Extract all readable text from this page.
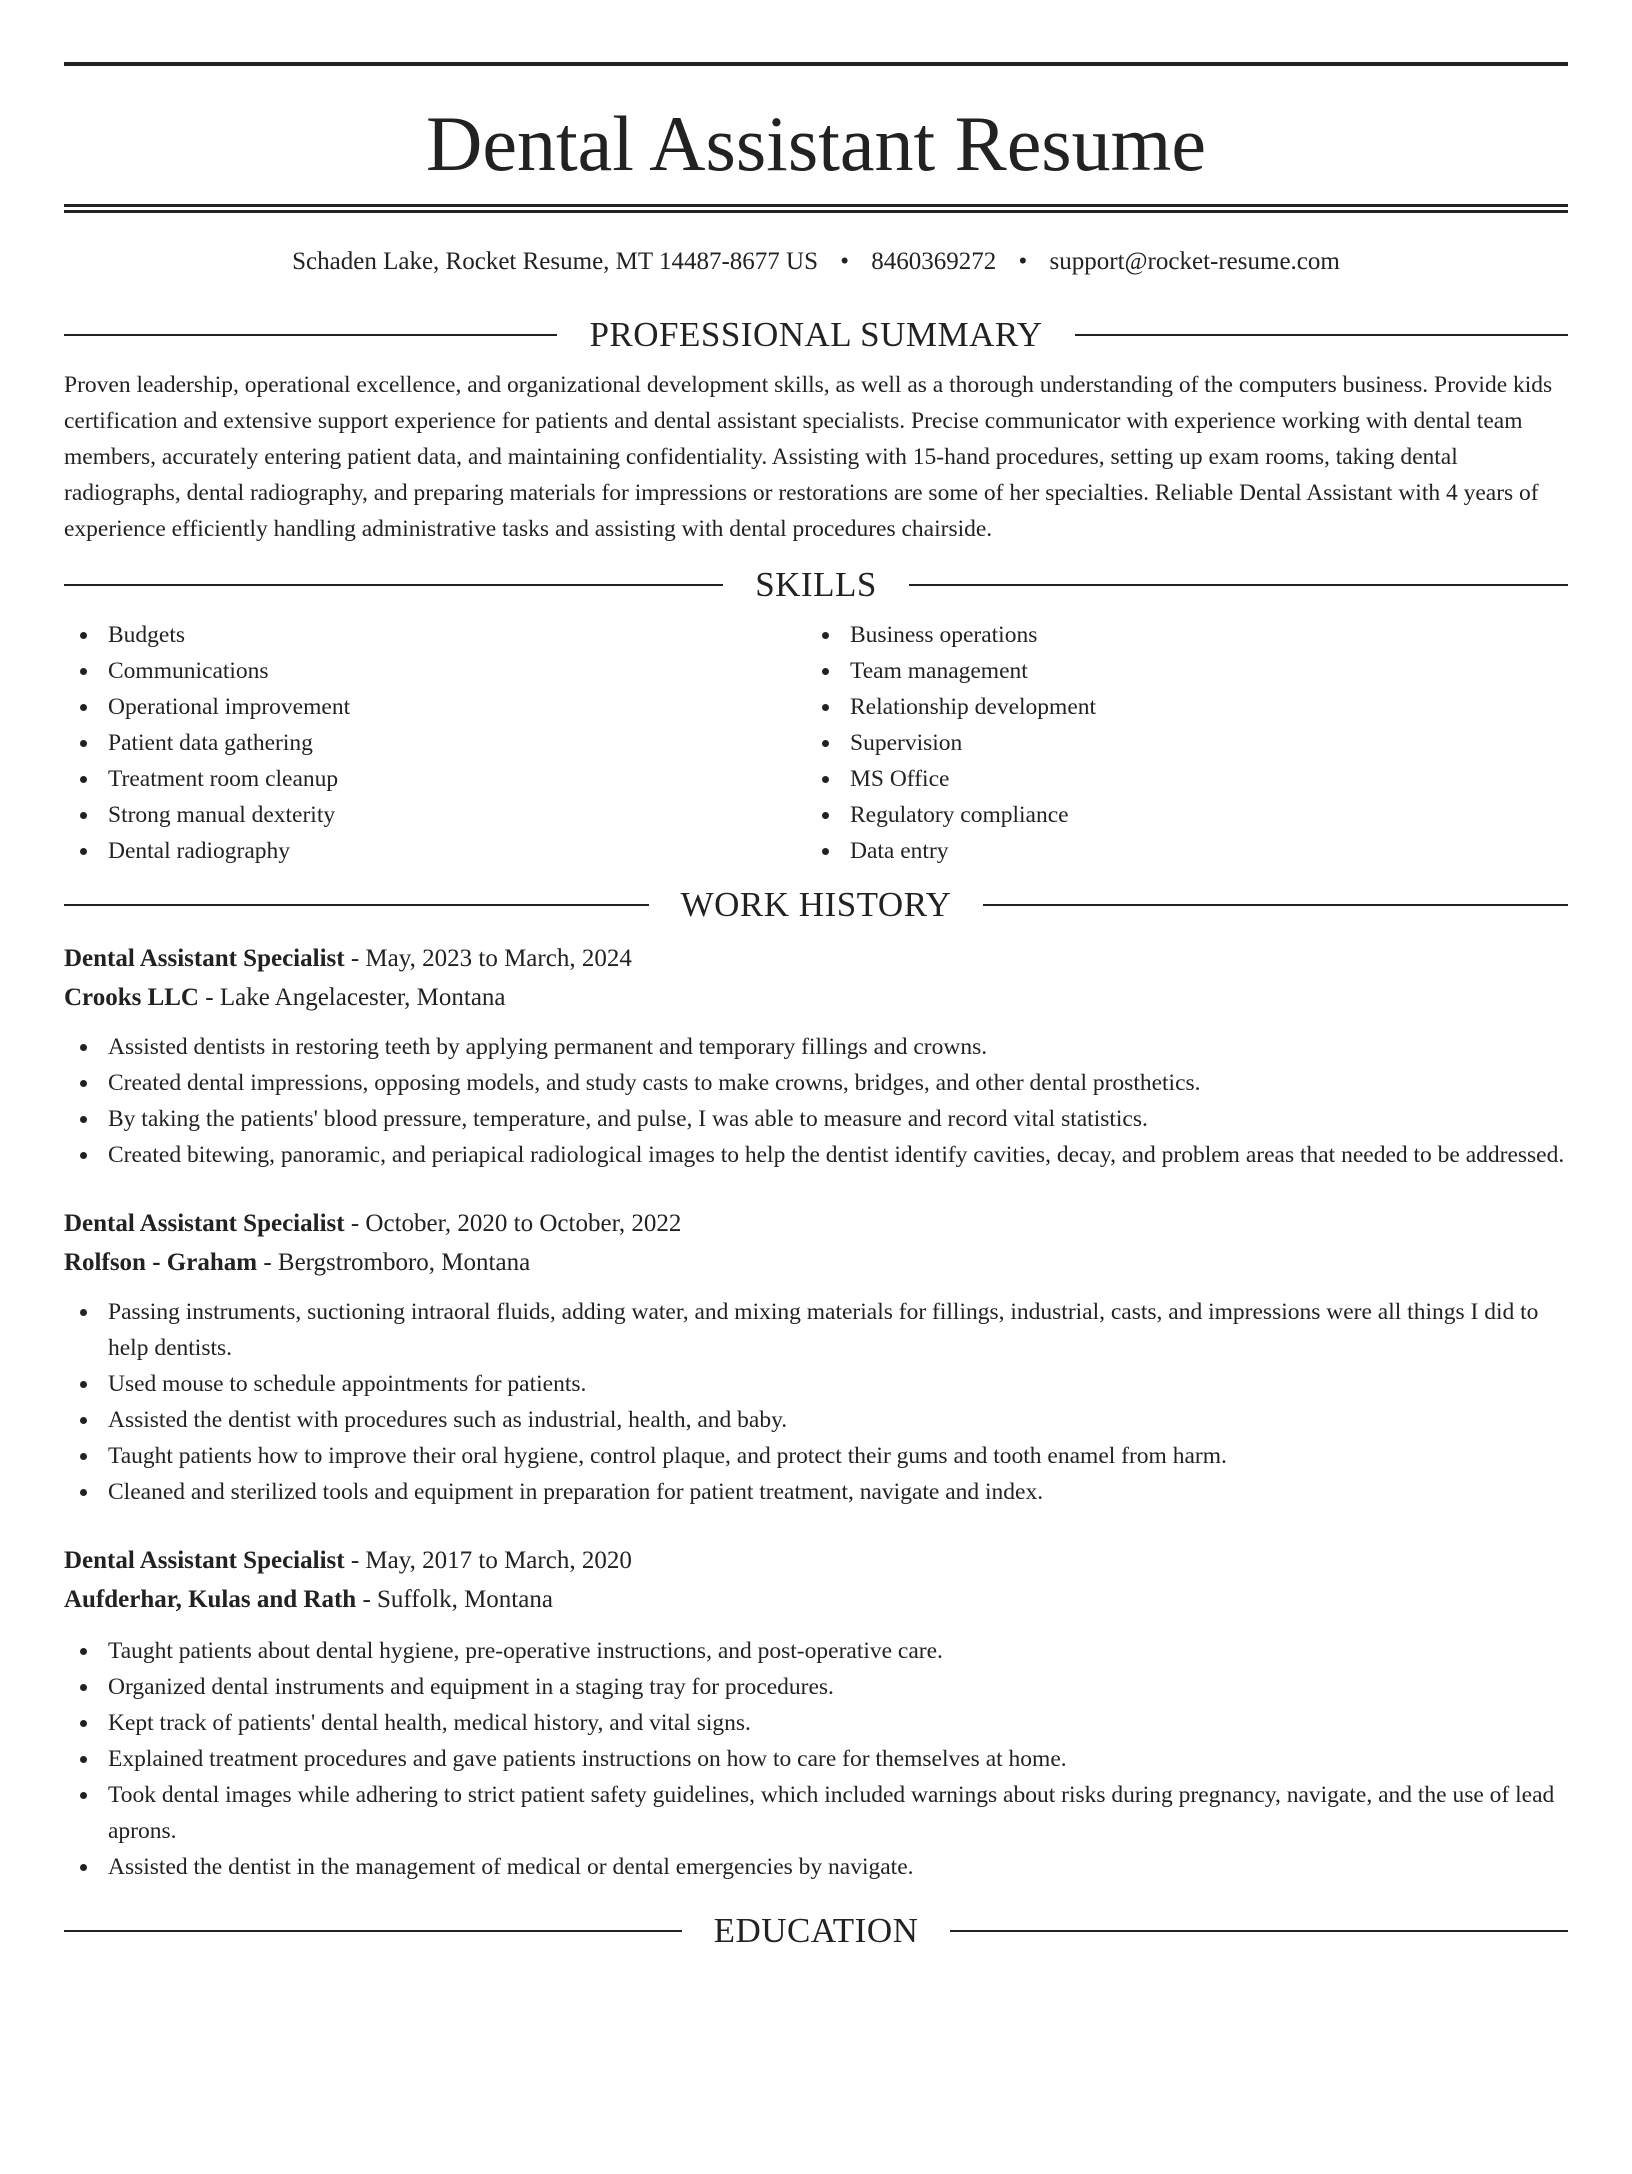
Dental Assistant Resume
Schaden Lake, Rocket Resume, MT 14487-8677 US • 8460369272 • support@rocket-resume.com
PROFESSIONAL SUMMARY

Proven leadership, operational excellence, and organizational development skills, as well as a thorough understanding of the computers business. Provide kids certification and extensive support experience for patients and dental assistant specialists. Precise communicator with experience working with dental team members, accurately entering patient data, and maintaining confidentiality. Assisting with 15-hand procedures, setting up exam rooms, taking dental radiographs, dental radiography, and preparing materials for impressions or restorations are some of her specialties. Reliable Dental Assistant with 4 years of experience efficiently handling administrative tasks and assisting with dental procedures chairside.

SKILLS
Budgets
Communications
Operational improvement
Patient data gathering
Treatment room cleanup
Strong manual dexterity
Dental radiography
Business operations
Team management
Relationship development
Supervision
MS Office
Regulatory compliance
Data entry
WORK HISTORY
Dental Assistant Specialist - May, 2023 to March, 2024
Crooks LLC - Lake Angelacester, Montana
Assisted dentists in restoring teeth by applying permanent and temporary fillings and crowns.
Created dental impressions, opposing models, and study casts to make crowns, bridges, and other dental prosthetics.
By taking the patients' blood pressure, temperature, and pulse, I was able to measure and record vital statistics.
Created bitewing, panoramic, and periapical radiological images to help the dentist identify cavities, decay, and problem areas that needed to be addressed.
Dental Assistant Specialist - October, 2020 to October, 2022
Rolfson - Graham - Bergstromboro, Montana
Passing instruments, suctioning intraoral fluids, adding water, and mixing materials for fillings, industrial, casts, and impressions were all things I did to help dentists.
Used mouse to schedule appointments for patients.
Assisted the dentist with procedures such as industrial, health, and baby.
Taught patients how to improve their oral hygiene, control plaque, and protect their gums and tooth enamel from harm.
Cleaned and sterilized tools and equipment in preparation for patient treatment, navigate and index.
Dental Assistant Specialist - May, 2017 to March, 2020
Aufderhar, Kulas and Rath - Suffolk, Montana
Taught patients about dental hygiene, pre-operative instructions, and post-operative care.
Organized dental instruments and equipment in a staging tray for procedures.
Kept track of patients' dental health, medical history, and vital signs.
Explained treatment procedures and gave patients instructions on how to care for themselves at home.
Took dental images while adhering to strict patient safety guidelines, which included warnings about risks during pregnancy, navigate, and the use of lead aprons.
Assisted the dentist in the management of medical or dental emergencies by navigate.
EDUCATION
